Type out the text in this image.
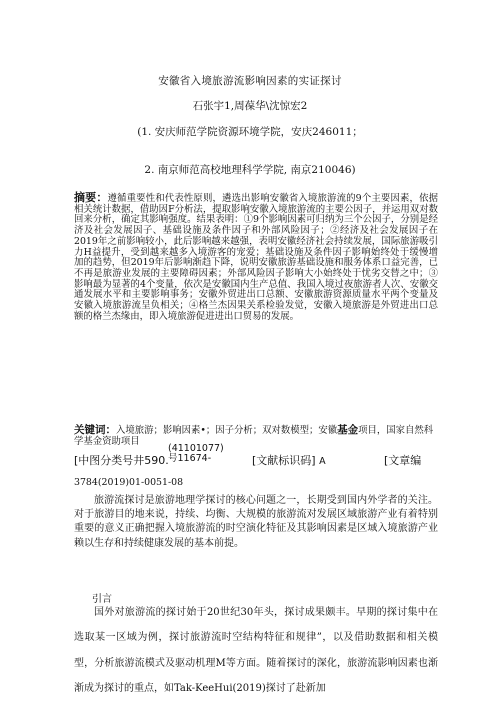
安徽省入境旅游流影响因素的实证探讨
石张宇1,周葆华\沈惊宏2
(1. 安庆师范学院资源环境学院，安庆246011；
2. 南京师范高校地理科学学院, 南京210046)
摘要：遵循重要性和代表性原则，遴选出影响安徽省入境旅游流的9个主要因素，依据相关统计数据，借助因F分析法，提取影响安徽入境旅游流的主要公因子，并运用双对数回来分析，确定其影响强度。结果表明：①9个影响因素可归纳为三个公因子，分别是经济及社会发展因子、基础设施及条件因子和外部风险因子；②经济及社会发展因子在2019年之前影响较小，此后影响越来越强，表明安徽经济社会持续发展，国际旅游吸引力H益提升，受到越来越多入境游客的宠爱；基础设施及条件因子影响始终处于缓慢增加的趋势，但2019年后影响渐趋下降，说明安徽旅游基础设施和服务体系口益完善，已不再是旅游业发展的主要障碍因素；外部风险因子影响大小始终处于忧劣交替之中；③影响最为显著的4个变量，依次是安徽国内生产总值、我国入境过夜旅游者人次、安徽交通发展水平和主要影响事务；安徽外贸进出口总额、安徽旅游资源质量水平两个变量及安徽入境旅游流呈负相关；④格兰杰因果关系检验发觉，安徽入境旅游是外贸进出口总额的格兰杰缘由，即入境旅游促进进出口贸易的发展。
关键词：入境旅游；影响因素•；因子分析；双对数模型；安徽基金项目，国家自然科学基金资助项目
[中图分类号井590.
(41101077)
号11674-	[文献标识码] A	[文章编
3784(2019)01-0051-08
旅游流探讨是旅游地理学探讨的核心问题之一，长期受到国内外学者的关注。对于旅游目的地来说，持续、均衡、大规模的旅游流对发展区域旅游产业有着特别重要的意义正确把握入境旅游流的时空演化特征及其影响因素是区域入境旅游产业赖以生存和持续健康发展的基本前提。
引言
国外对旅游流的探讨始于20世纪30年头，探讨成果颇丰。早期的探讨集中在选取某一区域为例，探讨旅游流时空结构特征和规律”，以及借助数据和相关模型，分析旅游流模式及驱动机理M等方面。随着探讨的深化，旅游流影响因素也渐渐成为探讨的重点，如Tak-KeeHui(2019)探讨了赴新加
